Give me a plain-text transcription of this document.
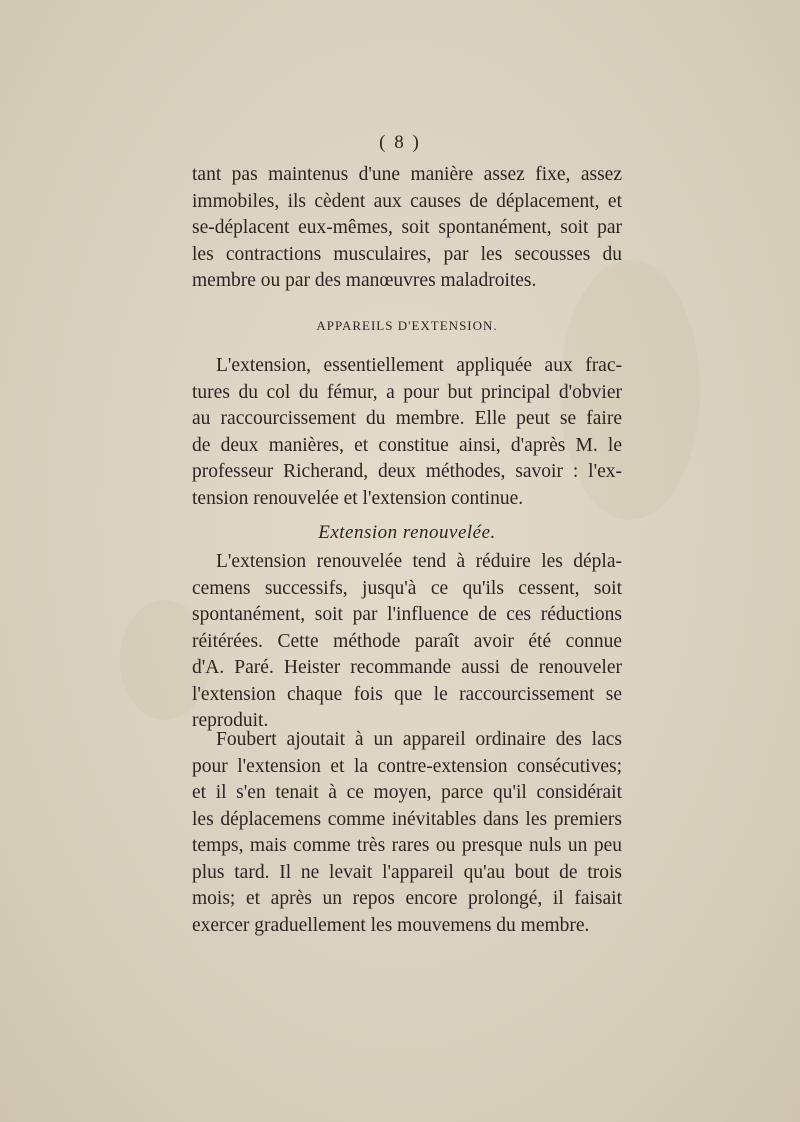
( 8 )
tant pas maintenus d'une manière assez fixe, assez
immobiles, ils cèdent aux causes de déplacement, et
se-déplacent eux-mêmes, soit spontanément, soit par
les contractions musculaires, par les secousses du
membre ou par des manœuvres maladroites.
APPAREILS D'EXTENSION.
L'extension, essentiellement appliquée aux frac-
tures du col du fémur, a pour but principal d'obvier
au raccourcissement du membre. Elle peut se faire
de deux manières, et constitue ainsi, d'après M. le
professeur Richerand, deux méthodes, savoir : l'ex-
tension renouvelée et l'extension continue.
Extension renouvelée.
L'extension renouvelée tend à réduire les dépla-
cemens successifs, jusqu'à ce qu'ils cessent, soit
spontanément, soit par l'influence de ces réductions
réitérées. Cette méthode paraît avoir été connue
d'A. Paré. Heister recommande aussi de renouveler
l'extension chaque fois que le raccourcissement se
reproduit.
Foubert ajoutait à un appareil ordinaire des lacs
pour l'extension et la contre-extension consécutives;
et il s'en tenait à ce moyen, parce qu'il considérait
les déplacemens comme inévitables dans les premiers
temps, mais comme très rares ou presque nuls un peu
plus tard. Il ne levait l'appareil qu'au bout de trois
mois; et après un repos encore prolongé, il faisait
exercer graduellement les mouvemens du membre.
